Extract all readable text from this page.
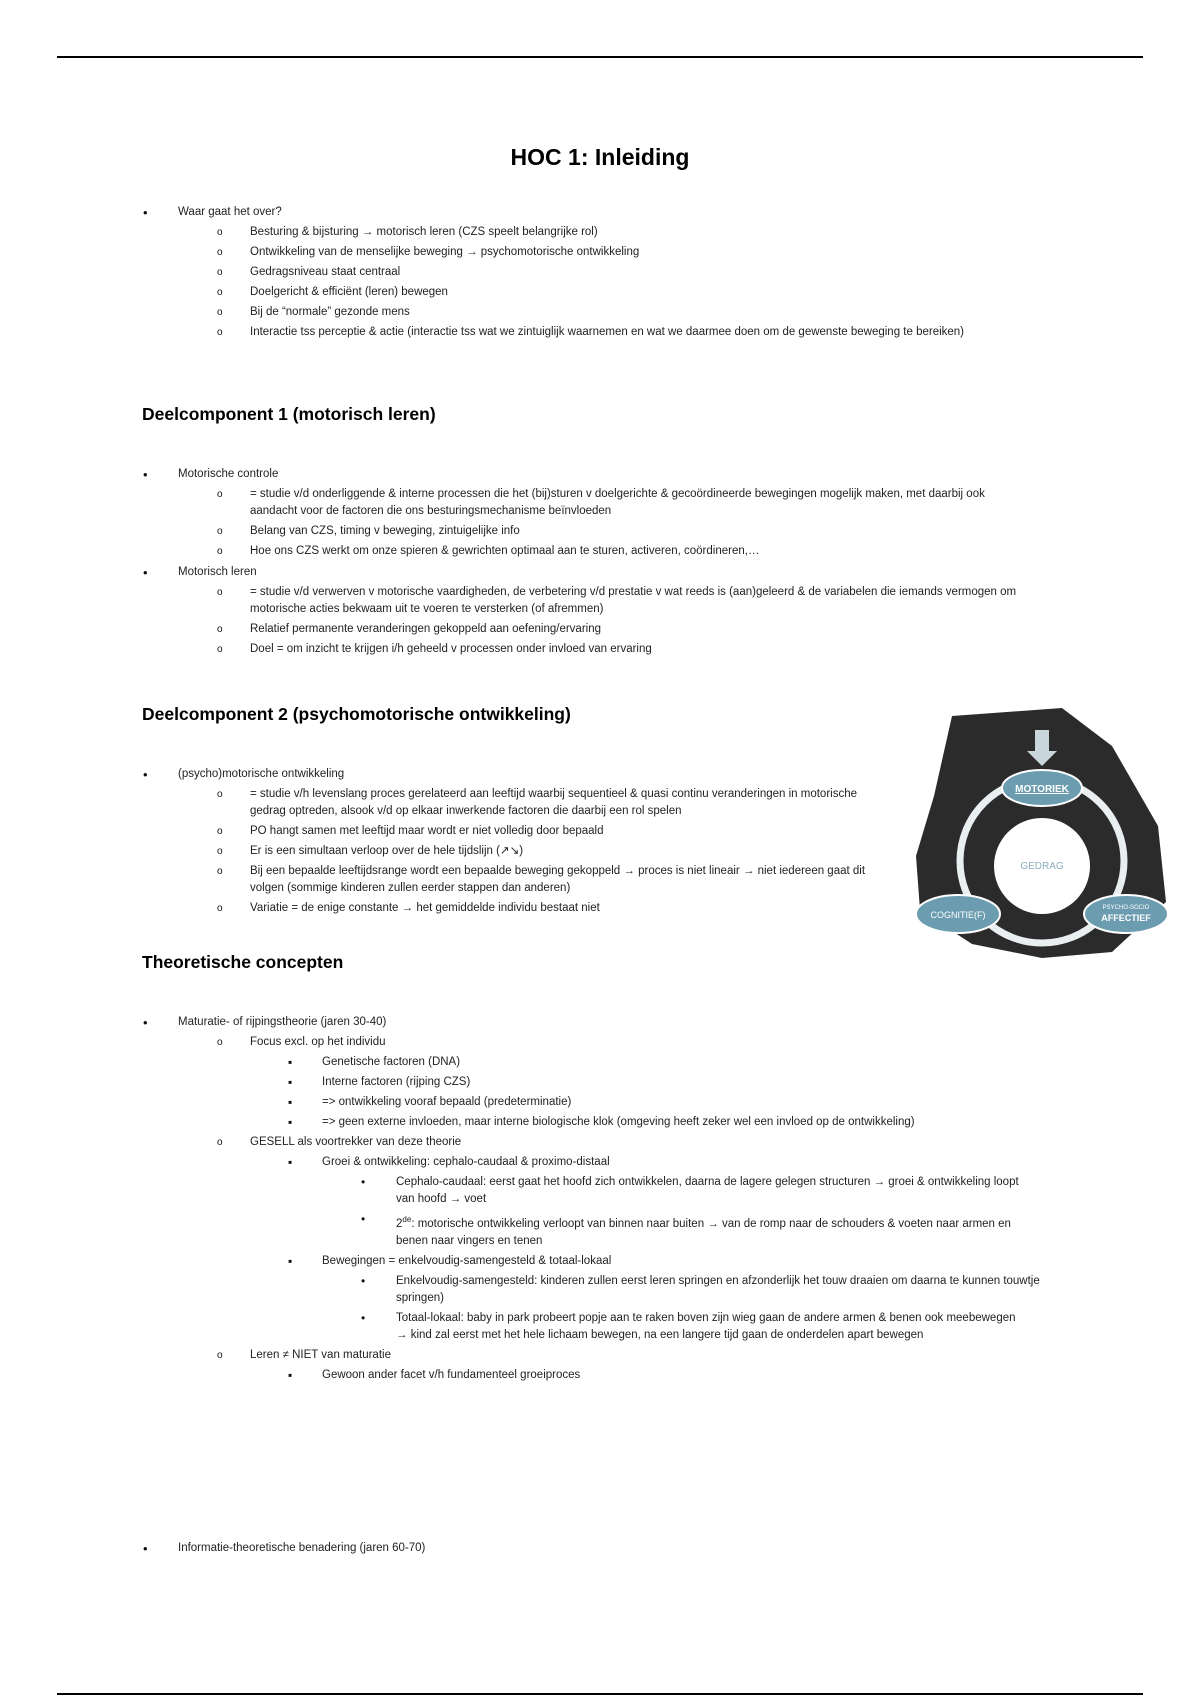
HOC 1: Inleiding
•	Waar gaat het over?
o Besturing & bijsturing → motorisch leren (CZS speelt belangrijke rol)
o Ontwikkeling van de menselijke beweging → psychomotorische ontwikkeling
o Gedragsniveau staat centraal
o Doelgericht & efficiënt (leren) bewegen
o Bij de “normale” gezonde mens
o Interactie tss perceptie & actie (interactie tss wat we zintuiglijk waarnemen en wat we daarmee doen om de gewenste beweging te bereiken)
Deelcomponent 1 (motorisch leren)
•	Motorische controle
o = studie v/d onderliggende & interne processen die het (bij)sturen v doelgerichte & gecoördineerde bewegingen mogelijk maken, met daarbij ook aandacht voor de factoren die ons besturingsmechanisme beïnvloeden
o Belang van CZS, timing v beweging, zintuigelijke info
o Hoe ons CZS werkt om onze spieren & gewrichten optimaal aan te sturen, activeren, coördineren,…
•	Motorisch leren
o = studie v/d verwerven v motorische vaardigheden, de verbetering v/d prestatie v wat reeds is (aan)geleerd & de variabelen die iemands vermogen om motorische acties bekwaam uit te voeren te versterken (of afremmen)
o Relatief permanente veranderingen gekoppeld aan oefening/ervaring
o Doel = om inzicht te krijgen i/h geheeld v processen onder invloed van ervaring
Deelcomponent 2 (psychomotorische ontwikkeling)
•	(psycho)motorische ontwikkeling
o = studie v/h levenslang proces gerelateerd aan leeftijd waarbij sequentieel & quasi continu veranderingen in motorische gedrag optreden, alsook v/d op elkaar inwerkende factoren die daarbij een rol spelen
o PO hangt samen met leeftijd maar wordt er niet volledig door bepaald
o Er is een simultaan verloop over de hele tijdslijn (↗↘)
o Bij een bepaalde leeftijdsrange wordt een bepaalde beweging gekoppeld → proces is niet lineair → niet iedereen gaat dit volgen (sommige kinderen zullen eerder stappen dan anderen)
o Variatie = de enige constante → het gemiddelde individu bestaat niet
MOTORIEK
GEDRAG
COGNITIE(F)
PSYCHO-SOCIO
AFFECTIEF
Theoretische concepten
•	Maturatie- of rijpingstheorie (jaren 30-40)
o Focus excl. op het individu
▪	Genetische factoren (DNA)
▪	Interne factoren (rijping CZS)
▪	=> ontwikkeling vooraf bepaald (predeterminatie)
▪	=> geen externe invloeden, maar interne biologische klok (omgeving heeft zeker wel een invloed op de ontwikkeling)
o GESELL als voortrekker van deze theorie
▪	Groei & ontwikkeling: cephalo-caudaal & proximo-distaal
•	Cephalo-caudaal: eerst gaat het hoofd zich ontwikkelen, daarna de lagere gelegen structuren → groei & ontwikkeling loopt van hoofd → voet
•	2de: motorische ontwikkeling verloopt van binnen naar buiten → van de romp naar de schouders & voeten naar armen en benen naar vingers en tenen
▪	Bewegingen = enkelvoudig-samengesteld & totaal-lokaal
•	Enkelvoudig-samengesteld: kinderen zullen eerst leren springen en afzonderlijk het touw draaien om daarna te kunnen touwtje springen)
•	Totaal-lokaal: baby in park probeert popje aan te raken boven zijn wieg gaan de andere armen & benen ook meebewegen → kind zal eerst met het hele lichaam bewegen, na een langere tijd gaan de onderdelen apart bewegen
o Leren ≠ NIET van maturatie
▪	Gewoon ander facet v/h fundamenteel groeiproces
•	Informatie-theoretische benadering (jaren 60-70)
